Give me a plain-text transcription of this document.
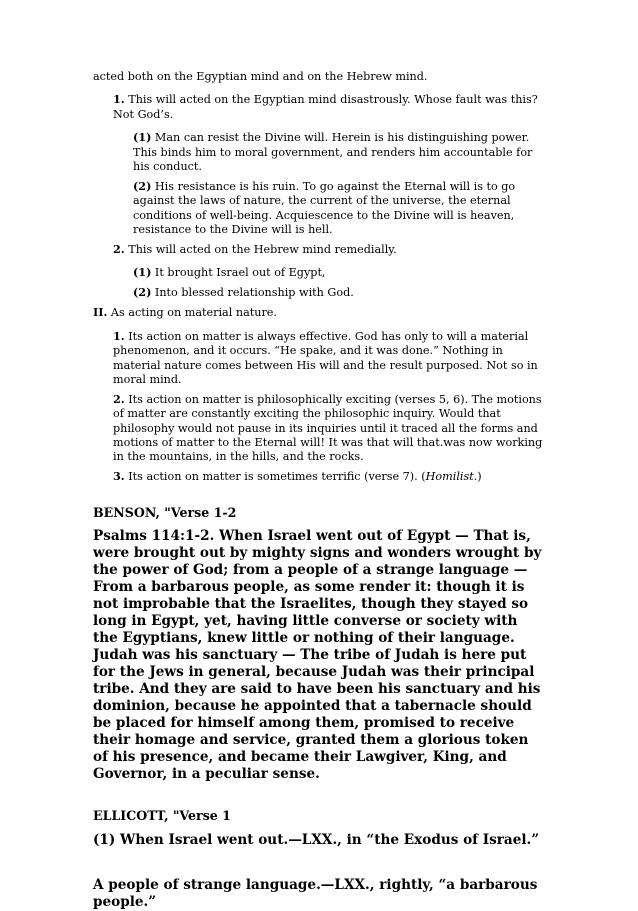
acted both on the Egyptian mind and on the Hebrew mind.

1. This will acted on the Egyptian mind disastrously. Whose fault was this? Not God’s.

(1) Man can resist the Divine will. Herein is his distinguishing power. This binds him to moral government, and renders him accountable for his conduct.

(2) His resistance is his ruin. To go against the Eternal will is to go against the laws of nature, the current of the universe, the eternal conditions of well-being. Acquiescence to the Divine will is heaven, resistance to the Divine will is hell.

2. This will acted on the Hebrew mind remedially.

(1) It brought Israel out of Egypt,

(2) Into blessed relationship with God.

II. As acting on material nature.

1. Its action on matter is always effective. God has only to will a material phenomenon, and it occurs. “He spake, and it was done.” Nothing in material nature comes between His will and the result purposed. Not so in moral mind.

2. Its action on matter is philosophically exciting (verses 5, 6). The motions of matter are constantly exciting the philosophic inquiry. Would that philosophy would not pause in its inquiries until it traced all the forms and motions of matter to the Eternal will! It was that will that.was now working in the mountains, in the hills, and the rocks.

3. Its action on matter is sometimes terrific (verse 7). (Homilist.)

BENSON, "Verse 1-2

Psalms 114:1-2. When Israel went out of Egypt — That is, were brought out by mighty signs and wonders wrought by the power of God; from a people of a strange language — From a barbarous people, as some render it: though it is not improbable that the Israelites, though they stayed so long in Egypt, yet, having little converse or society with the Egyptians, knew little or nothing of their language. Judah was his sanctuary — The tribe of Judah is here put for the Jews in general, because Judah was their principal tribe. And they are said to have been his sanctuary and his dominion, because he appointed that a tabernacle should be placed for himself among them, promised to receive their homage and service, granted them a glorious token of his presence, and became their Lawgiver, King, and Governor, in a peculiar sense.

ELLICOTT, "Verse 1

(1) When Israel went out.—LXX., in “the Exodus of Israel.”

A people of strange language.—LXX., rightly, “a barbarous people.”
